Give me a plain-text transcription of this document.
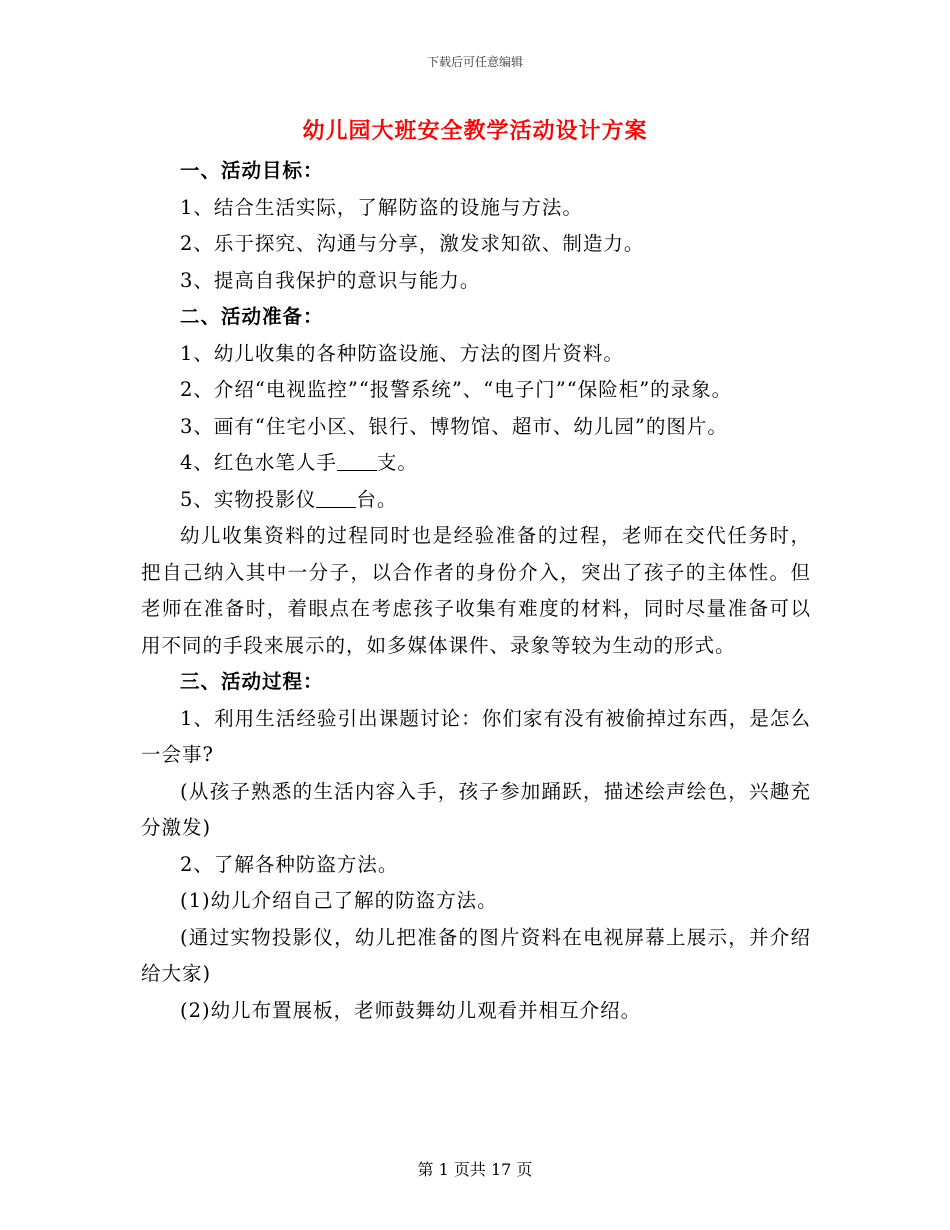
下载后可任意编辑
幼儿园大班安全教学活动设计方案

一、活动目标：

1、结合生活实际，了解防盗的设施与方法。

2、乐于探究、沟通与分享，激发求知欲、制造力。

3、提高自我保护的意识与能力。

二、活动准备：

1、幼儿收集的各种防盗设施、方法的图片资料。

2、介绍“电视监控”“报警系统”、“电子门”“保险柜”的录象。

3、画有“住宅小区、银行、博物馆、超市、幼儿园”的图片。

4、红色水笔人手 支。

5、实物投影仪 台。

幼儿收集资料的过程同时也是经验准备的过程，老师在交代任务时，把自己纳入其中一分子，以合作者的身份介入，突出了孩子的主体性。但老师在准备时，着眼点在考虑孩子收集有难度的材料，同时尽量准备可以用不同的手段来展示的，如多媒体课件、录象等较为生动的形式。

三、活动过程：

1、利用生活经验引出课题讨论：你们家有没有被偷掉过东西，是怎么一会事?

(从孩子熟悉的生活内容入手，孩子参加踊跃，描述绘声绘色，兴趣充分激发)

2、了解各种防盗方法。

(1)幼儿介绍自己了解的防盗方法。

(通过实物投影仪，幼儿把准备的图片资料在电视屏幕上展示，并介绍给大家)

(2)幼儿布置展板，老师鼓舞幼儿观看并相互介绍。

第 1 页共 17 页
